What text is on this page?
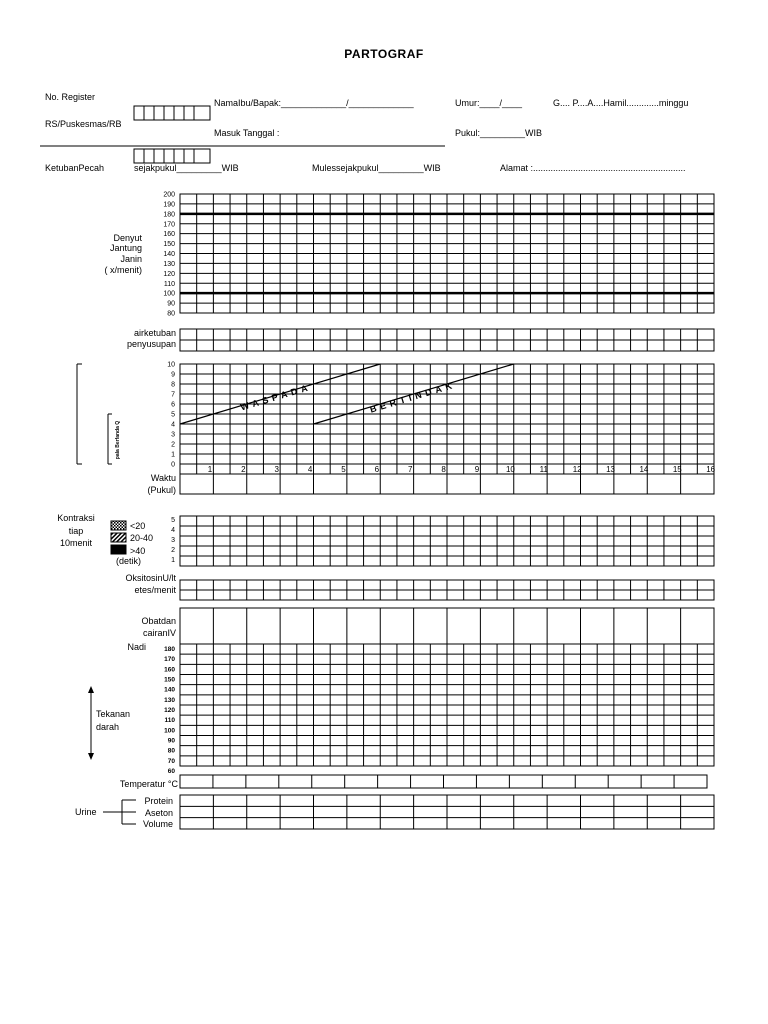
PARTOGRAF
No. Register
RS/Puskesmas/RB
NamaIbu/Bapak:_____________/_____________	Umur:____/____	G.... P....A....Hamil.............minggu
Masuk Tanggal :	Pukul:_________WIB
KetubanPecah	sejakpukul_________WIB	Mulessejakpukul_________WIB	Alamat :.............................................................
Denyut
Jantung
Janin
( x/menit)
airketuban
penyusupan
Waktu
(Pukul)
Kontraksi
tiap
10menit
<20
20-40
>40
(detik)
OksitosinU/lt
etes/menit
Obatdan
cairanIV
Nadi
Tekanan
darah
Temperatur °C
Urine
Protein
Aseton
Volume
200
190
180
170
160
150
140
130
120
110
100
90
80
10
9
8
7
6
5
4
3
2
1
0
WASPADA	BERTINDAK
pala Berfanda Q
1	2	3	4	5	6	7	8	9	10	11	12	13	14	15	16
5
4
3
2
1
180
170
160
150
140
130
120
110
100
90
80
70
60
